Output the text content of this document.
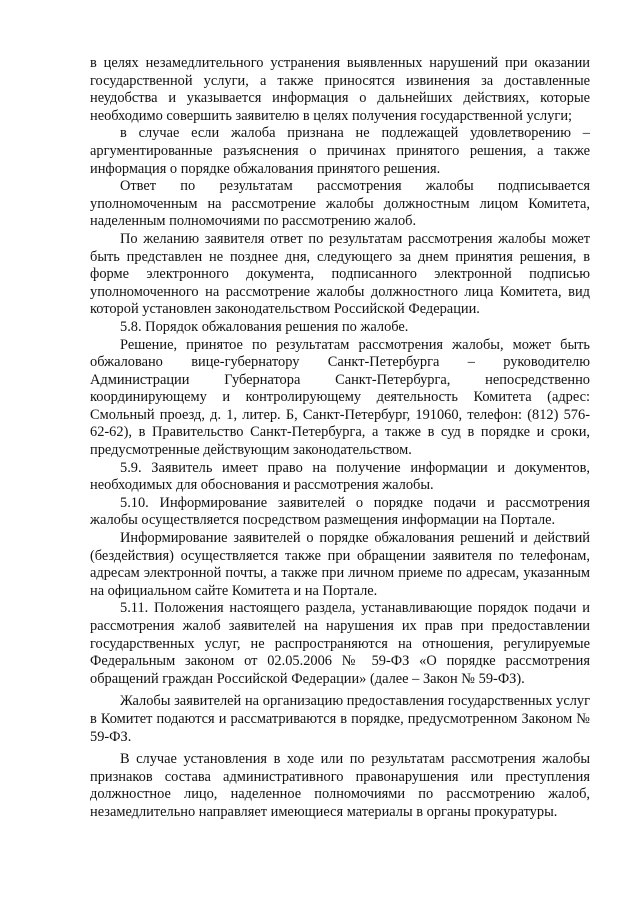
в целях незамедлительного устранения выявленных нарушений при оказании государственной услуги, а также приносятся извинения за доставленные неудобства и указывается информация о дальнейших действиях, которые необходимо совершить заявителю в целях получения государственной услуги;

в случае если жалоба признана не подлежащей удовлетворению – аргументированные разъяснения о причинах принятого решения, а также информация о порядке обжалования принятого решения.

Ответ по результатам рассмотрения жалобы подписывается уполномоченным на рассмотрение жалобы должностным лицом Комитета, наделенным полномочиями по рассмотрению жалоб.

По желанию заявителя ответ по результатам рассмотрения жалобы может быть представлен не позднее дня, следующего за днем принятия решения, в форме электронного документа, подписанного электронной подписью уполномоченного на рассмотрение жалобы должностного лица Комитета, вид которой установлен законодательством Российской Федерации.

5.8. Порядок обжалования решения по жалобе.

Решение, принятое по результатам рассмотрения жалобы, может быть обжаловано вице-губернатору Санкт-Петербурга – руководителю Администрации Губернатора Санкт-Петербурга, непосредственно координирующему и контролирующему деятельность Комитета (адрес: Смольный проезд, д. 1, литер. Б, Санкт-Петербург, 191060, телефон: (812) 576-62-62), в Правительство Санкт-Петербурга, а также в суд в порядке и сроки, предусмотренные действующим законодательством.

5.9. Заявитель имеет право на получение информации и документов, необходимых для обоснования и рассмотрения жалобы.

5.10. Информирование заявителей о порядке подачи и рассмотрения жалобы осуществляется посредством размещения информации на Портале.

Информирование заявителей о порядке обжалования решений и действий (бездействия) осуществляется также при обращении заявителя по телефонам, адресам электронной почты, а также при личном приеме по адресам, указанным на официальном сайте Комитета и на Портале.

5.11. Положения настоящего раздела, устанавливающие порядок подачи и рассмотрения жалоб заявителей на нарушения их прав при предоставлении государственных услуг, не распространяются на отношения, регулируемые Федеральным законом от 02.05.2006 № 59-ФЗ «О порядке рассмотрения обращений граждан Российской Федерации» (далее – Закон № 59-ФЗ).

Жалобы заявителей на организацию предоставления государственных услуг в Комитет подаются и рассматриваются в порядке, предусмотренном Законом № 59-ФЗ.

В случае установления в ходе или по результатам рассмотрения жалобы признаков состава административного правонарушения или преступления должностное лицо, наделенное полномочиями по рассмотрению жалоб, незамедлительно направляет имеющиеся материалы в органы прокуратуры.
